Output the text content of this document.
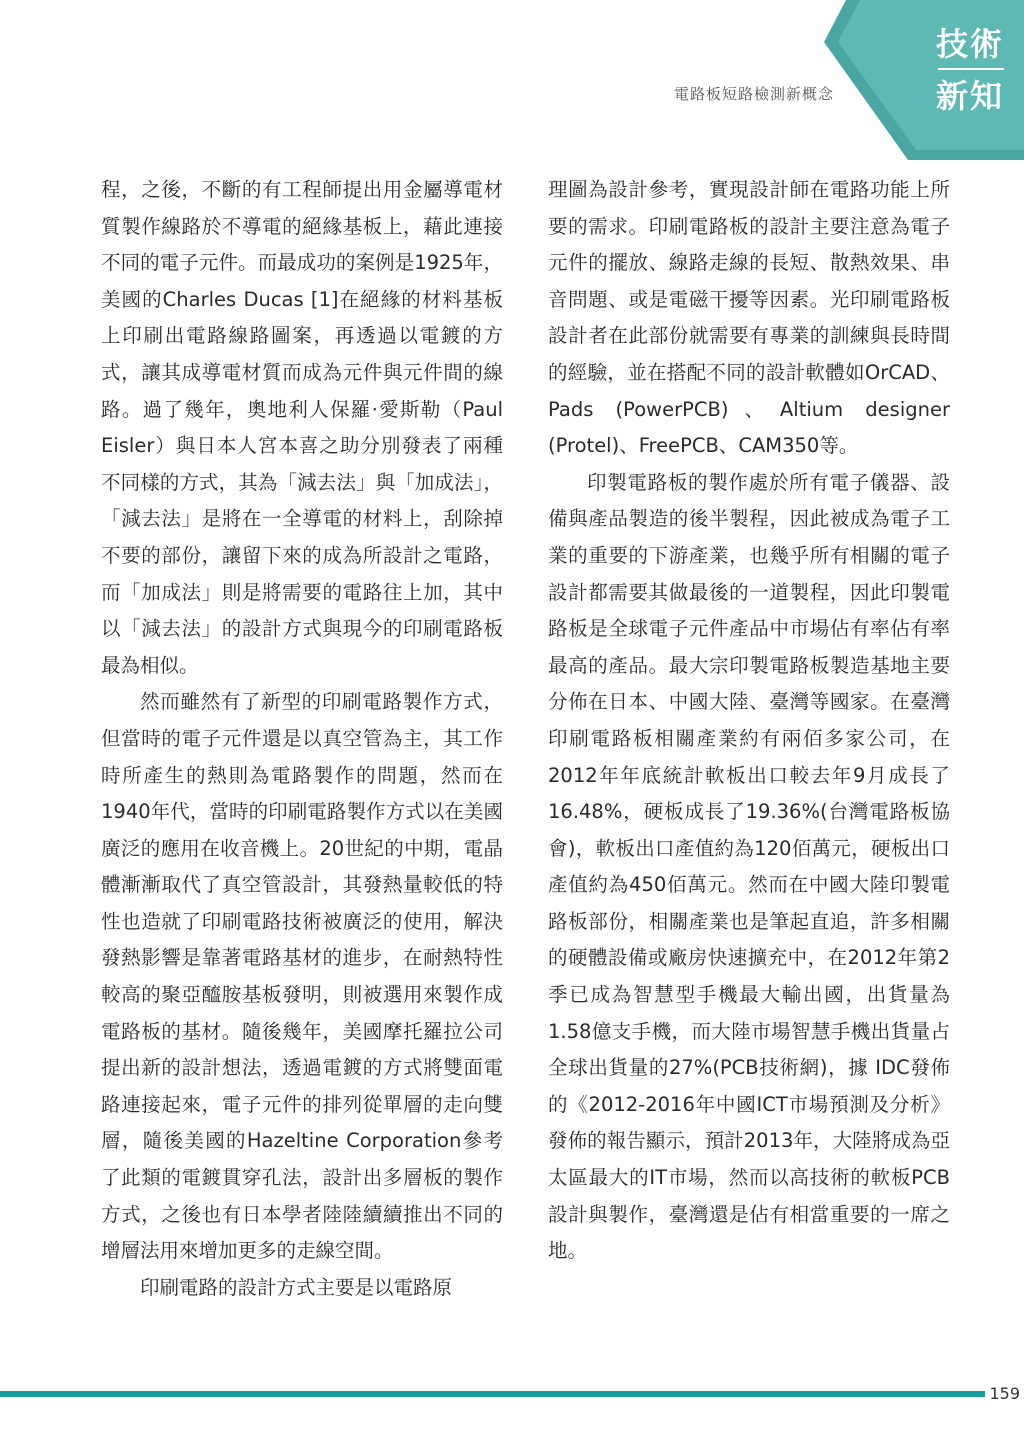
電路板短路檢測新概念
技術
新知

程，之後，不斷的有工程師提出用金屬導電材質製作線路於不導電的絕緣基板上，藉此連接不同的電子元件。而最成功的案例是1925年，美國的Charles Ducas [1]在絕緣的材料基板上印刷出電路線路圖案，再透過以電鍍的方式，讓其成導電材質而成為元件與元件間的線路。過了幾年，奧地利人保羅·愛斯勒（Paul Eisler）與日本人宮本喜之助分別發表了兩種不同樣的方式，其為「減去法」與「加成法」，「減去法」是將在一全導電的材料上，刮除掉不要的部份，讓留下來的成為所設計之電路，而「加成法」則是將需要的電路往上加，其中以「減去法」的設計方式與現今的印刷電路板最為相似。

然而雖然有了新型的印刷電路製作方式，但當時的電子元件還是以真空管為主，其工作時所產生的熱則為電路製作的問題，然而在1940年代，當時的印刷電路製作方式以在美國廣泛的應用在收音機上。20世紀的中期，電晶體漸漸取代了真空管設計，其發熱量較低的特性也造就了印刷電路技術被廣泛的使用，解決發熱影響是靠著電路基材的進步，在耐熱特性較高的聚亞醯胺基板發明，則被選用來製作成電路板的基材。隨後幾年，美國摩托羅拉公司提出新的設計想法，透過電鍍的方式將雙面電路連接起來，電子元件的排列從單層的走向雙層，隨後美國的Hazeltine Corporation參考了此類的電鍍貫穿孔法，設計出多層板的製作方式，之後也有日本學者陸陸續續推出不同的增層法用來增加更多的走線空間。

印刷電路的設計方式主要是以電路原

理圖為設計參考，實現設計師在電路功能上所要的需求。印刷電路板的設計主要注意為電子元件的擺放、線路走線的長短、散熱效果、串音問題、或是電磁干擾等因素。光印刷電路板設計者在此部份就需要有專業的訓練與長時間的經驗，並在搭配不同的設計軟體如OrCAD、Pads (PowerPCB)、Altium designer (Protel)、FreePCB、CAM350等。

印製電路板的製作處於所有電子儀器、設備與產品製造的後半製程，因此被成為電子工業的重要的下游產業，也幾乎所有相關的電子設計都需要其做最後的一道製程，因此印製電路板是全球電子元件產品中市場佔有率佔有率最高的產品。最大宗印製電路板製造基地主要分佈在日本、中國大陸、臺灣等國家。在臺灣印刷電路板相關產業約有兩佰多家公司，在2012年年底統計軟板出口較去年9月成長了16.48%，硬板成長了19.36%(台灣電路板協會)，軟板出口產值約為120佰萬元，硬板出口產值約為450佰萬元。然而在中國大陸印製電路板部份，相關產業也是筆起直追，許多相關的硬體設備或廠房快速擴充中，在2012年第2季已成為智慧型手機最大輸出國，出貨量為1.58億支手機，而大陸市場智慧手機出貨量占全球出貨量的27%(PCB技術網)，據 IDC發佈的《2012-2016年中國ICT市場預測及分析》發佈的報告顯示，預計2013年，大陸將成為亞太區最大的IT市場，然而以高技術的軟板PCB設計與製作，臺灣還是佔有相當重要的一席之地。

159
